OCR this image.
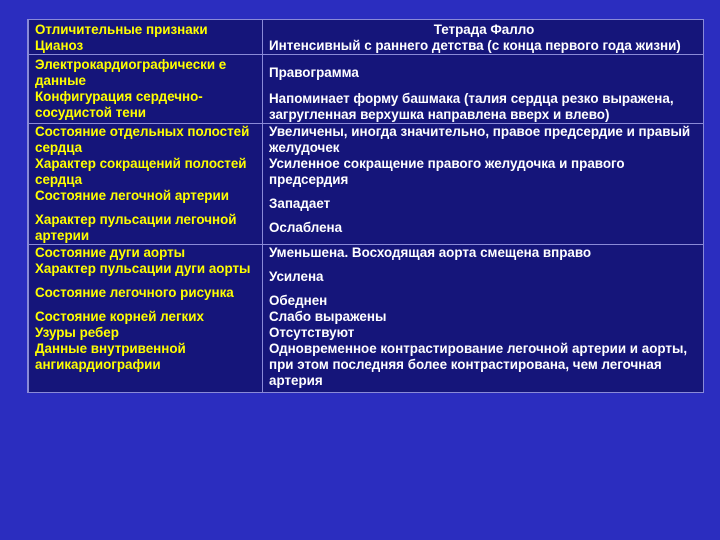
Отличительные признаки	Тетрада Фалло
Цианоз	Интенсивный с раннего детства (с конца первого года жизни)
Электрокардиографически е данные	Правограмма
Конфигурация сердечно-сосудистой тени	Напоминает форму башмака (талия сердца резко выражена, загругленная верхушка направлена вверх и влево)
Состояние отдельных полостей сердца	Увеличены, иногда значительно, правое предсердие и правый желудочек
Характер сокращений полостей сердца	Усиленное сокращение правого желудочка и правого предсердия
Состояние легочной артерии	Западает
Характер пульсации легочной артерии	Ослаблена
Состояние дуги аорты	Уменьшена. Восходящая аорта смещена вправо
Характер пульсации дуги аорты	Усилена
Состояние легочного рисунка	Обеднен
Состояние корней легких	Слабо выражены
Узуры ребер	Отсутствуют
Данные внутривенной ангикардиографии	Одновременное контрастирование легочной артерии и аорты, при этом последняя более контрастирована, чем легочная артерия
